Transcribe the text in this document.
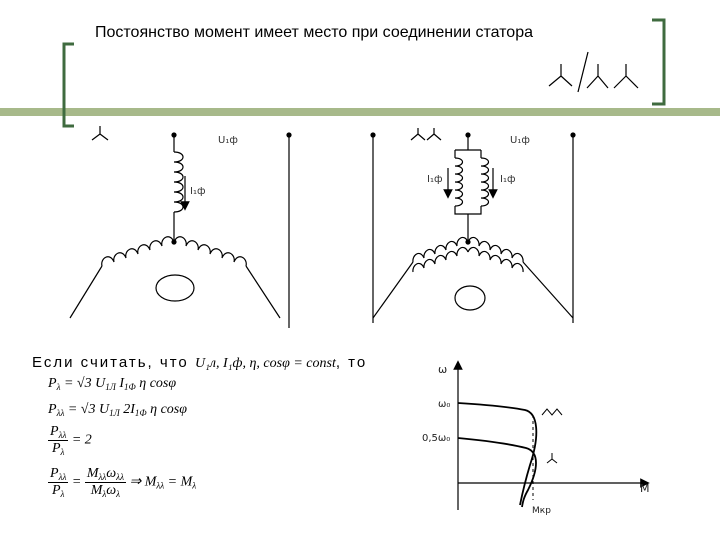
Постоянство момент имеет место при соединении статора
U₁ф
I₁ф
U₁ф
I₁ф	I₁ф
Если считать, что U₁л, I₁ф, η, cosφ = const, то
$P_\lambda = √3$ $U_{1Л}$ $I_{1Ф}$ η cosφ
$P_{\lambda\lambda} = √3$ $U_{1Л}$ $2I_{1Ф}$ η cosφ
$\frac{P_{\lambda\lambda}}{P_\lambda} = 2$
$\frac{P_{\lambda\lambda}}{P_\lambda} = \frac{M_{\lambda\lambda}\omega_{\lambda\lambda}}{M_\lambda\omega_\lambda}$ ⇒ $M_{\lambda\lambda} = M_\lambda$
ω
ω₀
0,5ω₀
M
Mкр
